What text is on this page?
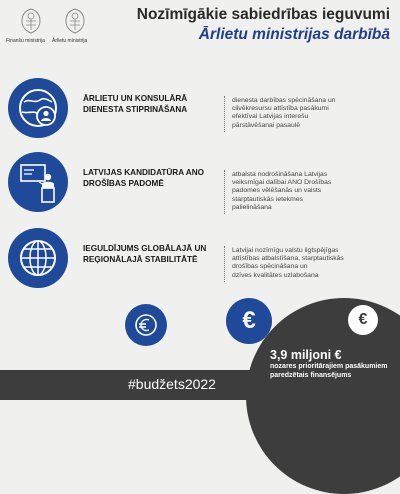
Finanšu ministrija Ārlietu ministrija
Nozīmīgākie sabiedrības ieguvumi
Ārlietu ministrijas darbībā
ĀRLIETU UN KONSULĀRĀ
DIENESTA STIPRINĀŠANA
dienesta darbības spēcināšana un
cilvēkresursu attīstība pasākumi
efektīvai Latvijas interešu
pārstāvēšanai pasaulē
LATVIJAS KANDIDATŪRA ANO
DROŠĪBAS PADOMĒ
atbalsta nodrošināšana Latvijas
veiksmīgai dalībai ANO Drošības
padomes vēlēšanās un valsts
starptautiskās ietekmes
palielināšana
IEGULDĪJUMS GLOBĀLAJĀ UN
REĢIONĀLAJĀ STABILITĀTĒ
Latvijai nozīmīgu valstu ilgtspējīgas
attīstības atbalstīšana, starptautiskās
drošības spēcināšana un
dzīves kvalitātes uzlabošana
€	€
3,9 miljoni €
nozares prioritārajiem pasākumiem
paredzētais finansējums
#budžets2022
